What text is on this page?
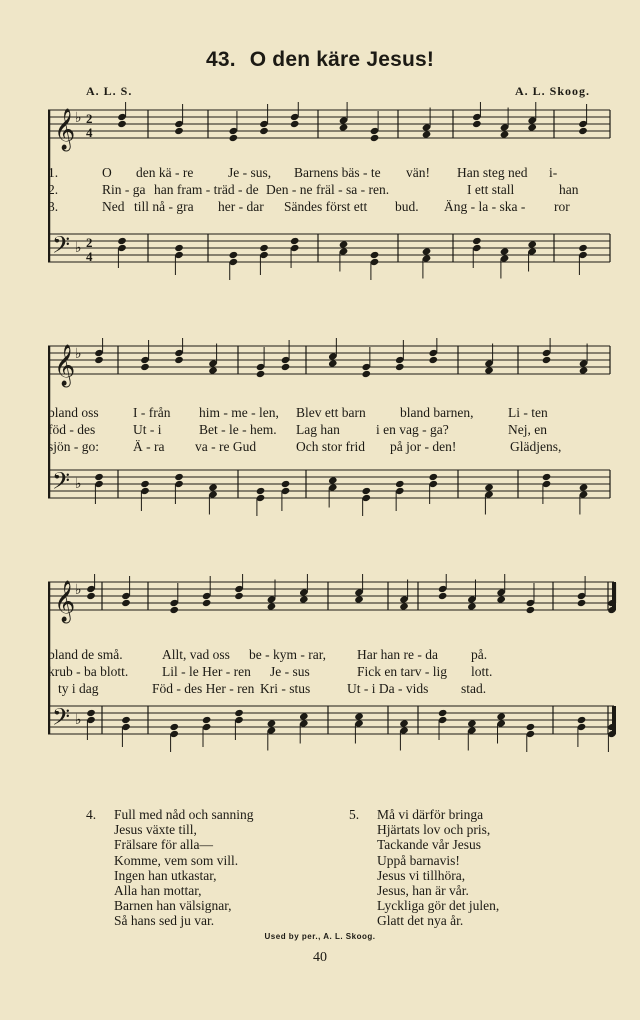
43. O den käre Jesus!
A. L. S.	A. L. Skoog.
𝄞
𝄢
♭
♭
2
4
2
4
1.	O	den kä - re	Je - sus,	Barnens bäs - te	vän!	Han steg ned	i-
2.	Rin - ga han fram - träd - de Den - ne fräl - sa - ren.	I ett stall	han
3.	Ned till nå - gra	her - dar	Sändes först ett	bud.	Äng - la - ska -	ror
𝄞
𝄢
♭
♭
bland oss	I - från	him - me - len,	Blev ett barn	bland barnen,	Li - ten
föd - des	Ut - i	Bet - le - hem.	Lag han	i en vag - ga?	Nej, en
sjön - go:	Ä - ra	va - re Gud	Och stor frid	på jor - den!	Glädjens,
𝄞
𝄢
♭
♭
bland de små.	Allt, vad oss	be - kym - rar,	Har han re - da	på.
krub - ba blott.	Lil - le Her - ren	Je - sus	Fick en tarv - lig	lott.
ty i dag	Föd - des Her - ren Kri - stus	Ut - i Da - vids	stad.
4. Full med nåd och sanning
Jesus växte till,
Frälsare för alla—
Komme, vem som vill.
Ingen han utkastar,
Alla han mottar,
Barnen han välsignar,
Så hans sed ju var.
5. Må vi därför bringa
Hjärtats lov och pris,
Tackande vår Jesus
Uppå barnavis!
Jesus vi tillhöra,
Jesus, han är vår.
Lyckliga gör det julen,
Glatt det nya år.
Used by per., A. L. Skoog.
40
